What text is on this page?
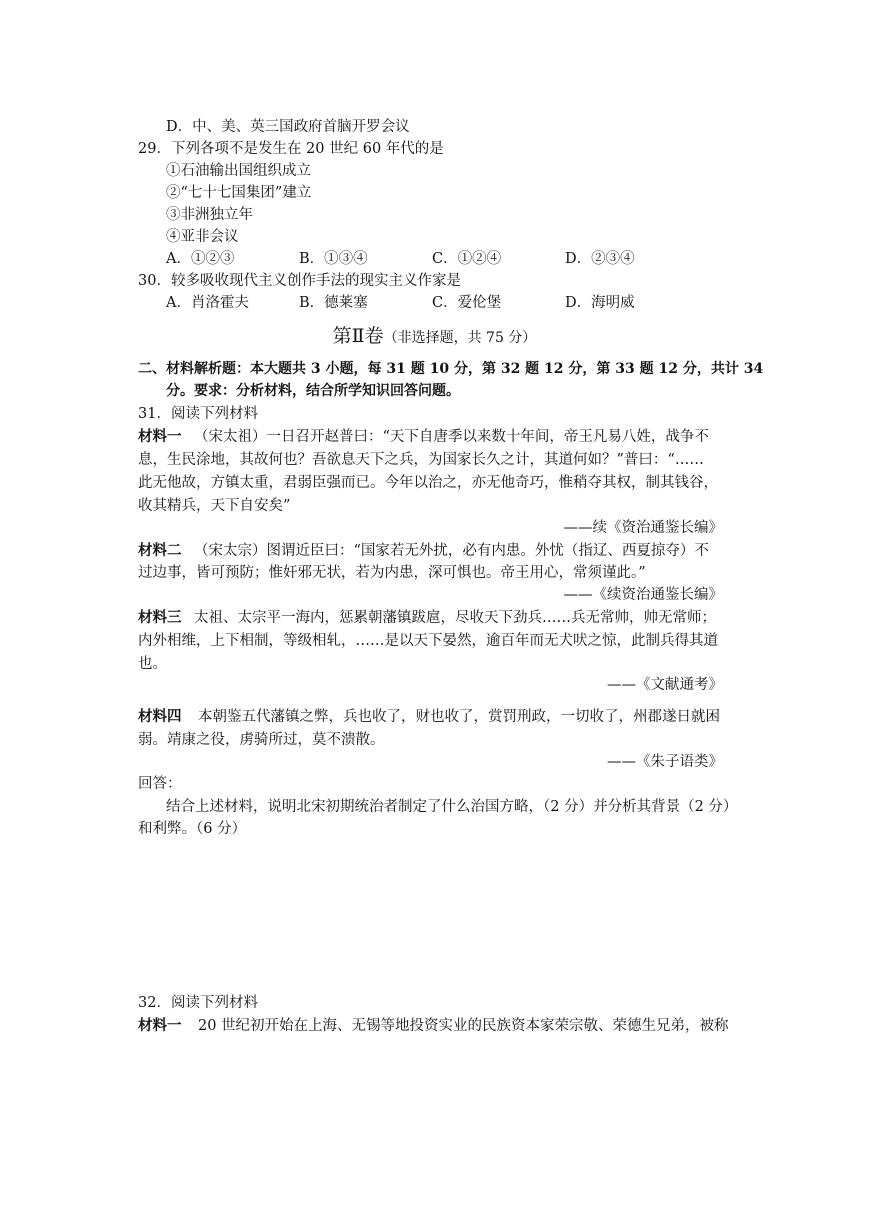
D．中、美、英三国政府首脑开罗会议
29．下列各项不是发生在 20 世纪 60 年代的是
①石油输出国组织成立
②“七十七国集团”建立
③非洲独立年
④亚非会议
A．①②③	B．①③④	C．①②④	D．②③④
30．较多吸收现代主义创作手法的现实主义作家是
A．肖洛霍夫	B．德莱塞	C．爱伦堡	D．海明威
第Ⅱ卷（非选择题，共 75 分）
二、材料解析题：本大题共 3 小题，每 31 题 10 分，第 32 题 12 分，第 33 题 12 分，共计 34
分。要求：分析材料，结合所学知识回答问题。
31．阅读下列材料
材料一 （宋太祖）一日召开赵普曰：“天下自唐季以来数十年间，帝王凡易八姓，战争不
息，生民涂地，其故何也？吾欲息天下之兵，为国家长久之计，其道何如？”普曰：“……
此无他故，方镇太重，君弱臣强而已。今年以治之，亦无他奇巧，惟稍夺其权，制其钱谷，
收其精兵，天下自安矣”
——续《资治通鉴长编》
材料二 （宋太宗）图谓近臣曰：“国家若无外扰，必有内患。外忧（指辽、西夏掠夺）不
过边事，皆可预防；惟奸邪无状，若为内患，深可惧也。帝王用心，常须谨此。”
——《续资治通鉴长编》
材料三 太祖、太宗平一海内，惩累朝藩镇跋扈，尽收天下劲兵……兵无常帅，帅无常师；
内外相维，上下相制，等级相轧，……是以天下晏然，逾百年而无犬吠之惊，此制兵得其道
也。
——《文献通考》
材料四 本朝鉴五代藩镇之弊，兵也收了，财也收了，赏罚刑政，一切收了，州郡遂日就困
弱。靖康之役，虏骑所过，莫不溃散。
——《朱子语类》
回答：
结合上述材料，说明北宋初期统治者制定了什么治国方略，（2 分）并分析其背景（2 分）
和利弊。（6 分）
32．阅读下列材料
材料一 20 世纪初开始在上海、无锡等地投资实业的民族资本家荣宗敬、荣德生兄弟，被称
